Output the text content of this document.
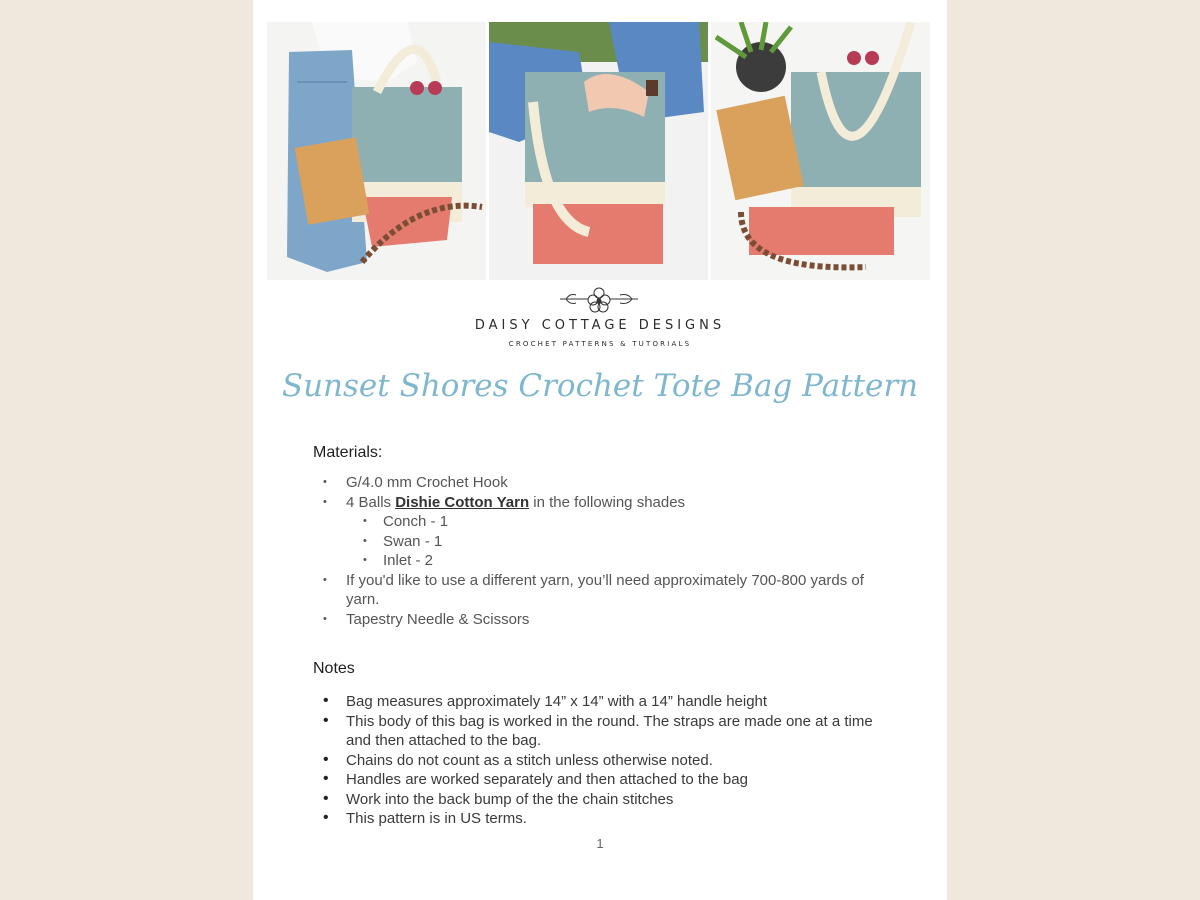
DAISY COTTAGE DESIGNS
CROCHET PATTERNS & TUTORIALS
Sunset Shores Crochet Tote Bag Pattern

Materials:

• G/4.0 mm Crochet Hook
• 4 Balls Dishie Cotton Yarn in the following shades
• Conch - 1
• Swan - 1
• Inlet - 2
• If you'd like to use a different yarn, you’ll need approximately 700-800 yards of yarn.
• Tapestry Needle & Scissors

Notes

• Bag measures approximately 14” x 14” with a 14” handle height
• This body of this bag is worked in the round. The straps are made one at a time and then attached to the bag.
• Chains do not count as a stitch unless otherwise noted.
• Handles are worked separately and then attached to the bag
• Work into the back bump of the the chain stitches
• This pattern is in US terms.
1
